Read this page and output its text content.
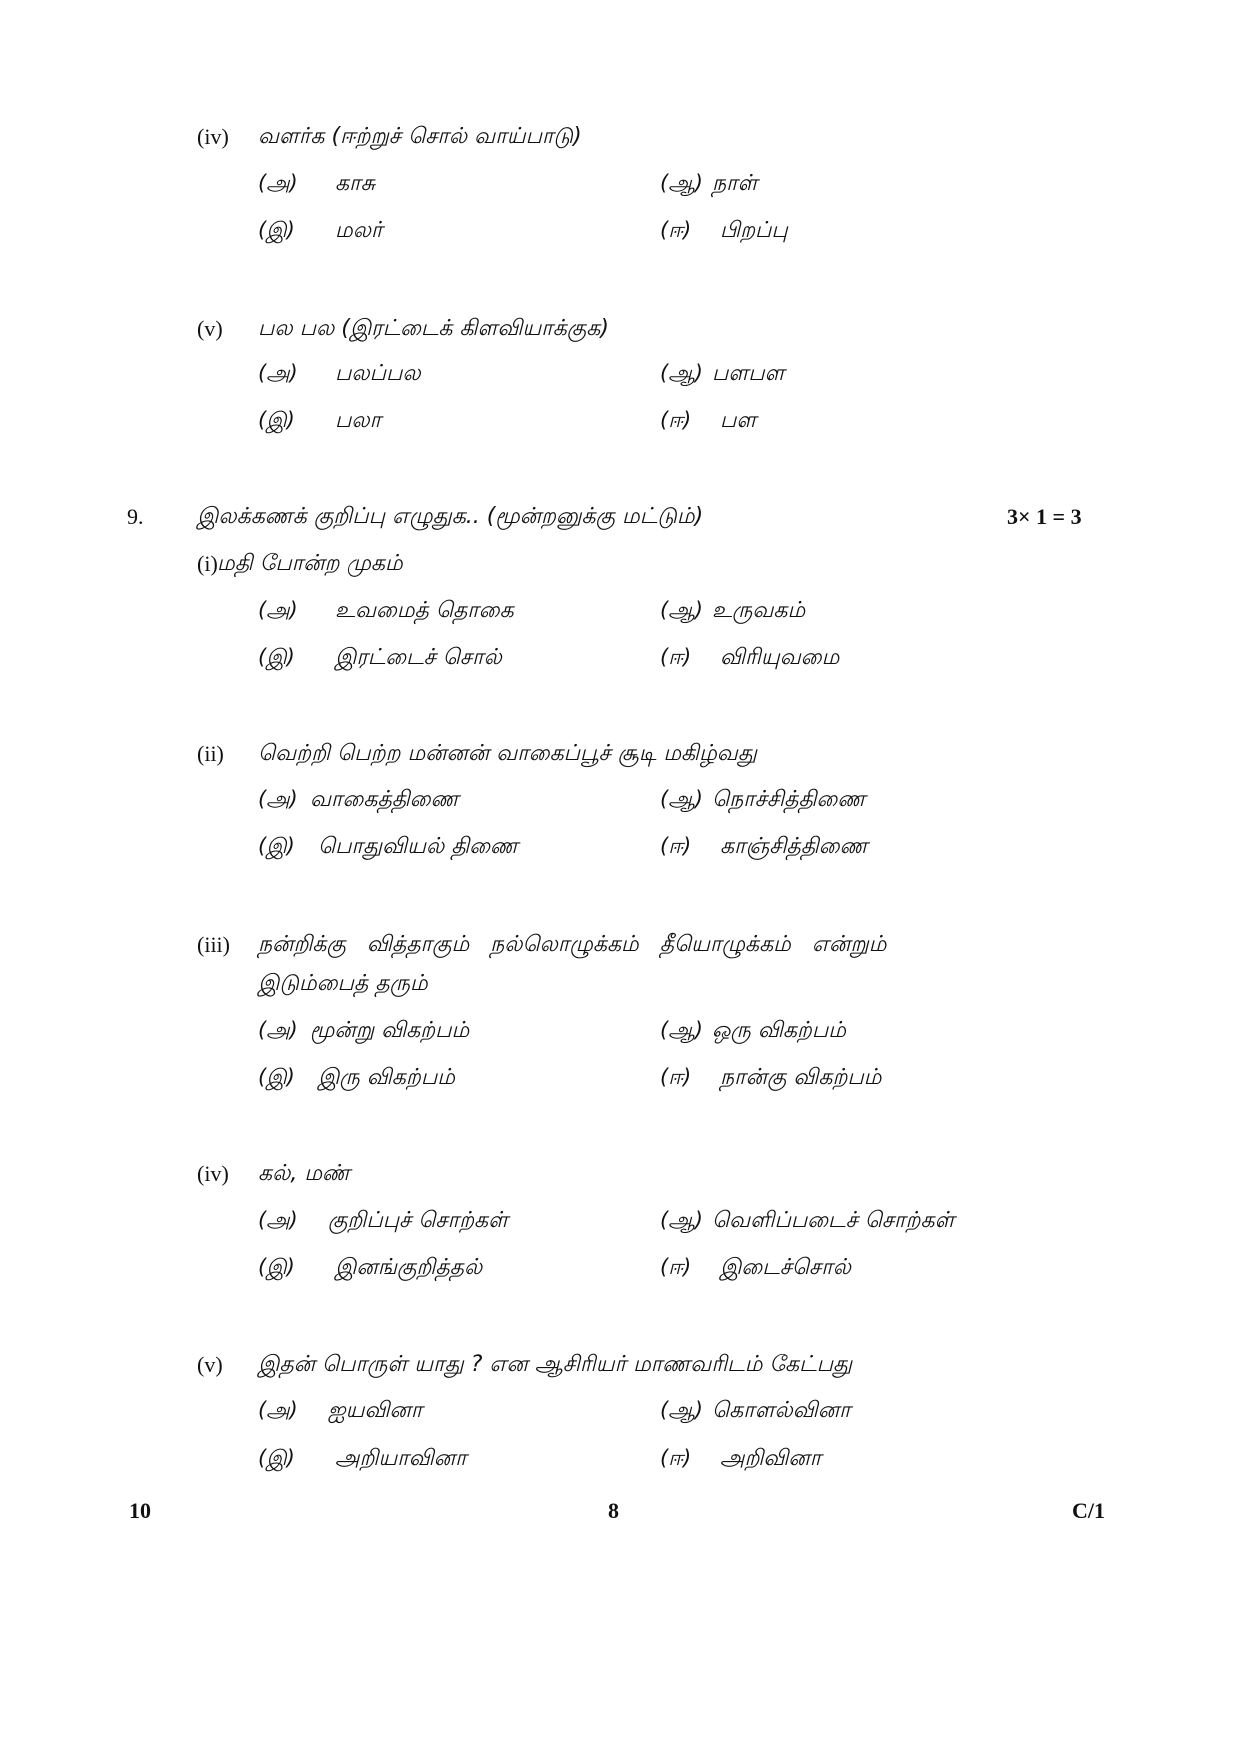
(iv) வளர்க (ஈற்றுச் சொல் வாய்பாடு)
(அ) காசு	(ஆ) நாள்
(இ) மலர்	(ஈ) பிறப்பு
(v) பல பல (இரட்டைக் கிளவியாக்குக)
(அ) பலப்பல	(ஆ) பளபள
(இ) பலா	(ஈ) பள
9. இலக்கணக் குறிப்பு எழுதுக.. (மூன்றனுக்கு மட்டும்)	3× 1 = 3
(i) மதி போன்ற முகம்
(அ) உவமைத் தொகை	(ஆ) உருவகம்
(இ) இரட்டைச் சொல்	(ஈ) விரியுவமை
(ii) வெற்றி பெற்ற மன்னன் வாகைப்பூச் சூடி மகிழ்வது
(அ) வாகைத்திணை	(ஆ) நொச்சித்திணை
(இ) பொதுவியல் திணை	(ஈ) காஞ்சித்திணை
(iii) நன்றிக்கு   வித்தாகும்   நல்லொழுக்கம்   தீயொழுக்கம்   என்றும்
இடும்பைத் தரும்
(அ) மூன்று விகற்பம்	(ஆ) ஒரு விகற்பம்
(இ) இரு விகற்பம்	(ஈ) நான்கு விகற்பம்
(iv) கல், மண்
(அ) குறிப்புச் சொற்கள்	(ஆ) வெளிப்படைச் சொற்கள்
(இ) இனங்குறித்தல்	(ஈ) இடைச்சொல்
(v) இதன் பொருள் யாது ? என ஆசிரியர் மாணவரிடம் கேட்பது
(அ) ஐயவினா	(ஆ) கொளல்வினா
(இ) அறியாவினா	(ஈ) அறிவினா
10	8	C/1
